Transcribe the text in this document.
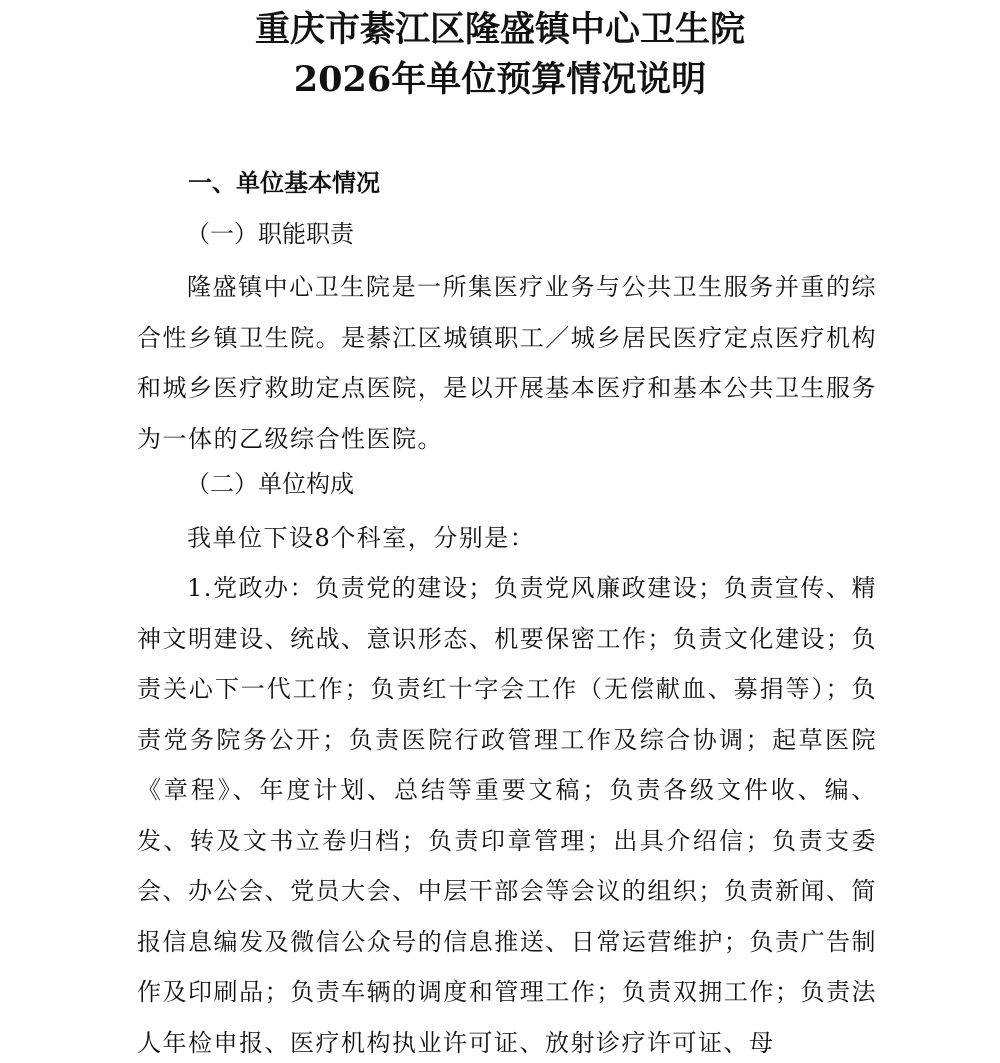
重庆市綦江区隆盛镇中心卫生院
2026年单位预算情况说明
一、单位基本情况
（一）职能职责

隆盛镇中心卫生院是一所集医疗业务与公共卫生服务并重的综合性乡镇卫生院。是綦江区城镇职工／城乡居民医疗定点医疗机构和城乡医疗救助定点医院，是以开展基本医疗和基本公共卫生服务为一体的乙级综合性医院。

（二）单位构成

我单位下设8个科室，分别是：

1.党政办：负责党的建设；负责党风廉政建设；负责宣传、精神文明建设、统战、意识形态、机要保密工作；负责文化建设；负责关心下一代工作；负责红十字会工作（无偿献血、募捐等）；负责党务院务公开；负责医院行政管理工作及综合协调；起草医院《章程》、年度计划、总结等重要文稿；负责各级文件收、编、发、转及文书立卷归档；负责印章管理；出具介绍信；负责支委会、办公会、党员大会、中层干部会等会议的组织；负责新闻、简报信息编发及微信公众号的信息推送、日常运营维护；负责广告制作及印刷品；负责车辆的调度和管理工作；负责双拥工作；负责法人年检申报、医疗机构执业许可证、放射诊疗许可证、母
